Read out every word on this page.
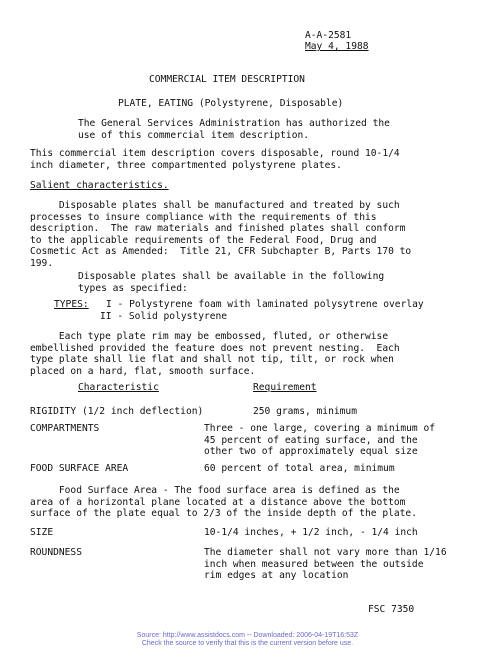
A-A-2581
May 4, 1988
COMMERCIAL ITEM DESCRIPTION
PLATE, EATING (Polystyrene, Disposable)
The General Services Administration has authorized the
use of this commercial item description.
This commercial item description covers disposable, round 10-1/4
inch diameter, three compartmented polystyrene plates.
Salient characteristics.
Disposable plates shall be manufactured and treated by such
processes to insure compliance with the requirements of this
description.  The raw materials and finished plates shall conform
to the applicable requirements of the Federal Food, Drug and
Cosmetic Act as Amended:  Title 21, CFR Subchapter B, Parts 170 to
199.
Disposable plates shall be available in the following
types as specified:
TYPES: I - Polystyrene foam with laminated polysytrene overlay
II - Solid polystyrene
Each type plate rim may be embossed, fluted, or otherwise
embellished provided the feature does not prevent nesting.  Each
type plate shall lie flat and shall not tip, tilt, or rock when
placed on a hard, flat, smooth surface.
Characteristic	Requirement
RIGIDITY (1/2 inch deflection)	250 grams, minimum
COMPARTMENTS	Three - one large, covering a minimum of
45 percent of eating surface, and the
other two of approximately equal size
FOOD SURFACE AREA	60 percent of total area, minimum
Food Surface Area - The food surface area is defined as the
area of a horizontal plane located at a distance above the bottom
surface of the plate equal to 2/3 of the inside depth of the plate.
SIZE	10-1/4 inches, + 1/2 inch, - 1/4 inch
ROUNDNESS	The diameter shall not vary more than 1/16
inch when measured between the outside
rim edges at any location
FSC 7350
Source: http://www.assistdocs.com -- Downloaded: 2006-04-19T16:53Z
Check the source to verify that this is the current version before use.
